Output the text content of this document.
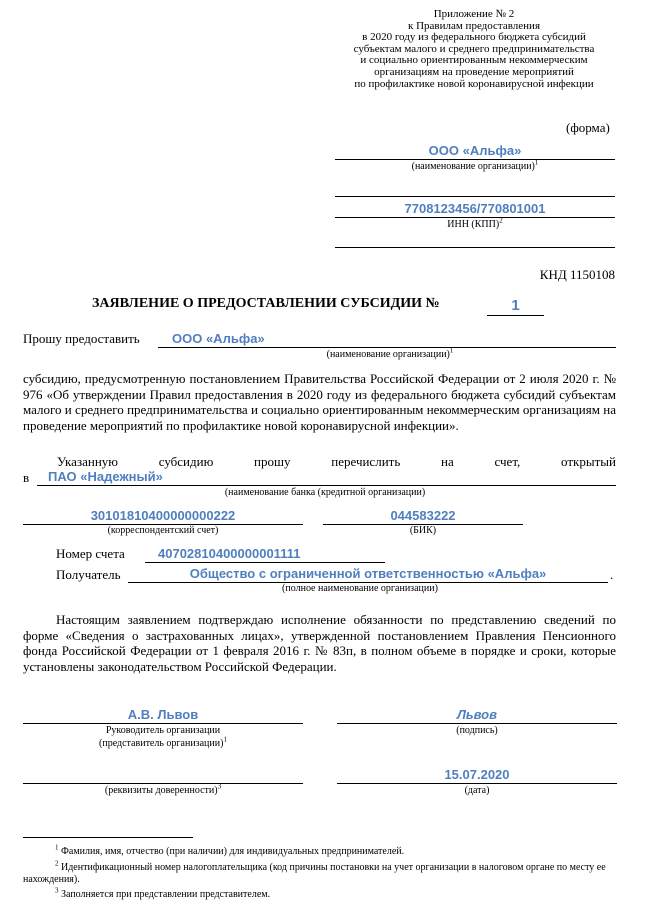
Приложение № 2
к Правилам предоставления
в 2020 году из федерального бюджета субсидий
субъектам малого и среднего предпринимательства
и социально ориентированным некоммерческим
организациям на проведение мероприятий
по профилактике новой коронавирусной инфекции
(форма)
ООО «Альфа»
(наименование организации)$^1$
7708123456/770801001
ИНН (КПП)$^2$
КНД 1150108
ЗАЯВЛЕНИЕ О ПРЕДОСТАВЛЕНИИ СУБСИДИИ №	1
Прошу предоставить ООО «Альфа»
(наименование организации)$^1$
субсидию, предусмотренную постановлением Правительства Российской Федерации от 2 июля 2020 г. № 976 «Об утверждении Правил предоставления в 2020 году из федерального бюджета субсидий субъектам малого и среднего предпринимательства и социально ориентированным некоммерческим организациям на проведение мероприятий по профилактике новой коронавирусной инфекции».
Указанную	субсидию	прошу	перечислить	на	счет,	открытый
в ПАО «Надежный»
(наименование банка (кредитной организации)
30101810400000000222
(корреспондентский счет)
044583222
(БИК)
Номер счета	40702810400000001111
Получатель	Общество с ограниченной ответственностью «Альфа»	.
(полное наименование организации)
Настоящим заявлением подтверждаю исполнение обязанности по представлению сведений по форме «Сведения о застрахованных лицах», утвержденной постановлением Правления Пенсионного фонда Российской Федерации от 1 февраля 2016 г. № 83п, в полном объеме в порядке и сроки, которые установлены законодательством Российской Федерации.
А.В. Львов
Руководитель организации
(представитель организации)$^1$
Львов
(подпись)
(реквизиты доверенности)$^3$
15.07.2020
(дата)
$^1$ Фамилия, имя, отчество (при наличии) для индивидуальных предпринимателей.
$^2$ Идентификационный номер налогоплательщика (код причины постановки на учет организации в налоговом органе по месту ее нахождения).
$^3$ Заполняется при представлении представителем.
